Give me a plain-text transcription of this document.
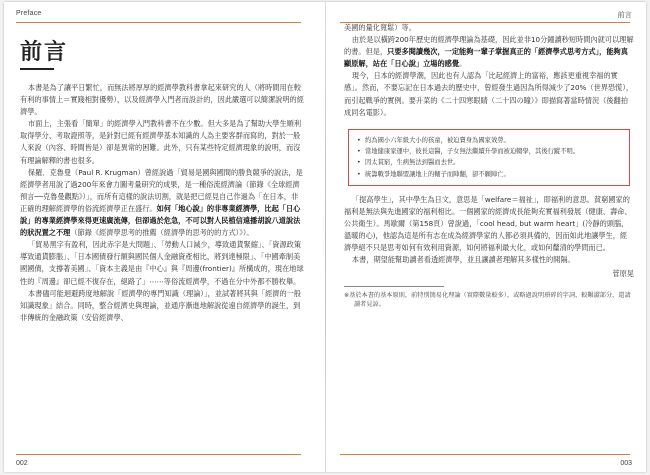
Preface
前言

本書是為了讓平日繁忙，而無法將厚厚的經濟學教科書拿起來研究的人（將時間用在較有利的事情上＝實踐相對優勢），以及經濟學入門者而設計的，因此嚴選可以簡潔說明的經濟學。

市面上，主張看「簡單」的經濟學入門教科書不在少數。但大多是為了幫助大學生順利取得學分、考取證照等，是針對已經有經濟學基本知識的人為主要客群而寫的，對於一般人來說（內容、時間皆是）卻是異常的困難。此外，只有某些特定經濟現象的說明，而沒有理論解釋的書也很多。

保羅．克魯曼（Paul R. Krugman）曾經說過「貿易是國與國間的勝負競爭的說法，是經濟學者用說了過200年來會力圖考量研究的成果，是一種俗流經濟論（節錄《全球經濟預言──克魯曼觀點》）」，而所有這樣的說法切割，就是把已經見自己作過為「在日本，非正確的理解經濟學的俗流經濟學正在盛行。如何「地心說」的非專業經濟學，比起「日心說」的專業經濟學來得更速廣流傳，但卻過於危急，不可以對人民植信遠播胡說八道說法的狀況置之不理（節錄《經濟學思考的推薦（經濟學的思考的的方式）》）。

「貿易黑字有盈利，因此赤字是大問題」、「勞動人口減少，導致通貨緊縮」、「資源政策導致通貨膨脹」、「日本國債發行額與國民個人金融資產相比，將到達極限」、「中國牽制美國國債，支撐著美國」、「資本主義是由『中心』與『周邊(frontier)』所構成的，現在地球性的『周邊』卻已經不復存在，絕路了」⋯⋯等俗流經濟學，不過在分中外都不勝枚舉。

本書儘可能迴避跨度地解說「經濟學的專門知識（理論）」，並試著將其與「經濟的一般知識現象」結合。同時，整合經濟史與理論，並通序漸進地解說從遠自經濟學的誕生，到非傳統的金融政策（安倍經濟學、

002
前言

美國的量化寬鬆）等。

由於是以橫跨200年歷史的經濟學理論為基礎，因此並非10分鐘讀秒短時間內就可以理解的書。但是，只要多閱讀幾次，一定能夠一輩子掌握真正的「經濟學式思考方式」，能夠真顯原解，站在「日心說」立場的感覺。

現今，日本的經濟學潮，因此也有人認為「比起經濟上的富裕，應該更重視幸福的實感」。然而，不要忘記在日本過去的歷史中，曾經發生過因為所得減少了20%（世界恐慌），而引起戰爭的實例。要升菜的《二十四寒眼睛（二十四の瞳）》即描寫著當時情況（後翻拍成同名電影）。

• 約為國小六年級大小的孩童，被迫賣身為國家效勞。
• 當地健康家運中，彼長這醫，子女無法繼續升學而被迫輟學，其後行蹤不明。
• 因太貧窮，生病無法到醫而去世。
• 統籌戰爭地聯盟讓地上的輔子而陣翻，卻不願陣亡。

「提高學生」，其中學生為日文，意思是「welfare＝福祉」，即福利的意思。貧窮國家的福利是無法與先進國家的福利相比。一個國家的經濟成長能夠充實福利發展（健康、壽命、公共衛生）。馬歇爾（第158頁）曾說過，「cool head, but warm heart」(冷靜的頭腦，溫暖的心)，他認為這是所有志在成為經濟學家的人都必須具備的，因而如此地讓學生，經濟學絕不只是思考如何有效利用資源，如何將福利最大化，或如何釐清的學問而已。

本書，期望能幫助讀者看透經濟學，並且讓讀者理解其多樣性的開隔。

菅原晃
※基於本書的基本原則，前特別簡易化理論（實際數量較多），或略過說明瑣碎的字詞、較艱澀部分，還請讀者見諒。
003
